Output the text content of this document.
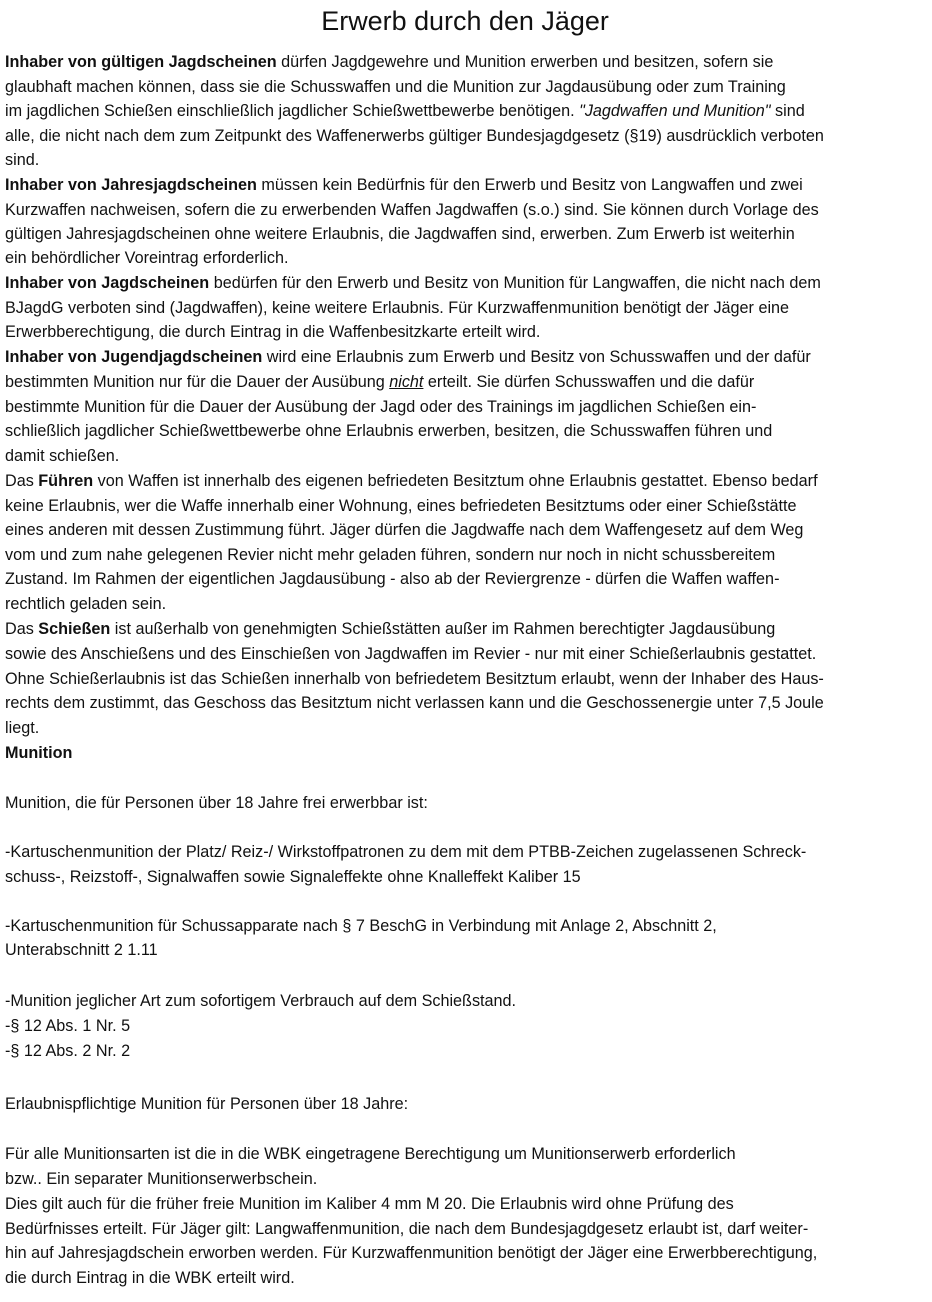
Erwerb durch den Jäger
Inhaber von gültigen Jagdscheinen dürfen Jagdgewehre und Munition erwerben und besitzen, sofern sie
glaubhaft machen können, dass sie die Schusswaffen und die Munition zur Jagdausübung oder zum Training
im jagdlichen Schießen einschließlich jagdlicher Schießwettbewerbe benötigen. "Jagdwaffen und Munition" sind
alle, die nicht nach dem zum Zeitpunkt des Waffenerwerbs gültiger Bundesjagdgesetz (§19) ausdrücklich verboten
sind.
Inhaber von Jahresjagdscheinen müssen kein Bedürfnis für den Erwerb und Besitz von Langwaffen und zwei
Kurzwaffen nachweisen, sofern die zu erwerbenden Waffen Jagdwaffen (s.o.) sind. Sie können durch Vorlage des
gültigen Jahresjagdscheinen ohne weitere Erlaubnis, die Jagdwaffen sind, erwerben. Zum Erwerb ist weiterhin
ein behördlicher Voreintrag erforderlich.
Inhaber von Jagdscheinen bedürfen für den Erwerb und Besitz von Munition für Langwaffen, die nicht nach dem
BJagdG verboten sind (Jagdwaffen), keine weitere Erlaubnis. Für Kurzwaffenmunition benötigt der Jäger eine
Erwerbberechtigung, die durch Eintrag in die Waffenbesitzkarte erteilt wird.
Inhaber von Jugendjagdscheinen wird eine Erlaubnis zum Erwerb und Besitz von Schusswaffen und der dafür
bestimmten Munition nur für die Dauer der Ausübung nicht erteilt. Sie dürfen Schusswaffen und die dafür
bestimmte Munition für die Dauer der Ausübung der Jagd oder des Trainings im jagdlichen Schießen ein-
schließlich jagdlicher Schießwettbewerbe ohne Erlaubnis erwerben, besitzen, die Schusswaffen führen und
damit schießen.
Das Führen von Waffen ist innerhalb des eigenen befriedeten Besitztum ohne Erlaubnis gestattet. Ebenso bedarf
keine Erlaubnis, wer die Waffe innerhalb einer Wohnung, eines befriedeten Besitztums oder einer Schießstätte
eines anderen mit dessen Zustimmung führt. Jäger dürfen die Jagdwaffe nach dem Waffengesetz auf dem Weg
vom und zum nahe gelegenen Revier nicht mehr geladen führen, sondern nur noch in nicht schussbereitem
Zustand. Im Rahmen der eigentlichen Jagdausübung - also ab der Reviergrenze - dürfen die Waffen waffen-
rechtlich geladen sein.
Das Schießen ist außerhalb von genehmigten Schießstätten außer im Rahmen berechtigter Jagdausübung
sowie des Anschießens und des Einschießen von Jagdwaffen im Revier - nur mit einer Schießerlaubnis gestattet.
Ohne Schießerlaubnis ist das Schießen innerhalb von befriedetem Besitztum erlaubt, wenn der Inhaber des Haus-
rechts dem zustimmt, das Geschoss das Besitztum nicht verlassen kann und die Geschossenergie unter 7,5 Joule
liegt.
Munition
Munition, die für Personen über 18 Jahre frei erwerbbar ist:
-Kartuschenmunition der Platz/ Reiz-/ Wirkstoffpatronen zu dem mit dem PTBB-Zeichen zugelassenen Schreck-
schuss-, Reizstoff-, Signalwaffen sowie Signaleffekte ohne Knalleffekt Kaliber 15
-Kartuschenmunition für Schussapparate nach § 7 BeschG in Verbindung mit Anlage 2, Abschnitt 2,
Unterabschnitt 2 1.11
-Munition jeglicher Art zum sofortigem Verbrauch auf dem Schießstand.
-§ 12 Abs. 1 Nr. 5
-§ 12 Abs. 2 Nr. 2
Erlaubnispflichtige Munition für Personen über 18 Jahre:
Für alle Munitionsarten ist die in die WBK eingetragene Berechtigung um Munitionserwerb erforderlich
bzw.. Ein separater Munitionserwerbschein.
Dies gilt auch für die früher freie Munition im Kaliber 4 mm M 20. Die Erlaubnis wird ohne Prüfung des
Bedürfnisses erteilt. Für Jäger gilt: Langwaffenmunition, die nach dem Bundesjagdgesetz erlaubt ist, darf weiter-
hin auf Jahresjagdschein erworben werden. Für Kurzwaffenmunition benötigt der Jäger eine Erwerbberechtigung,
die durch Eintrag in die WBK erteilt wird.
